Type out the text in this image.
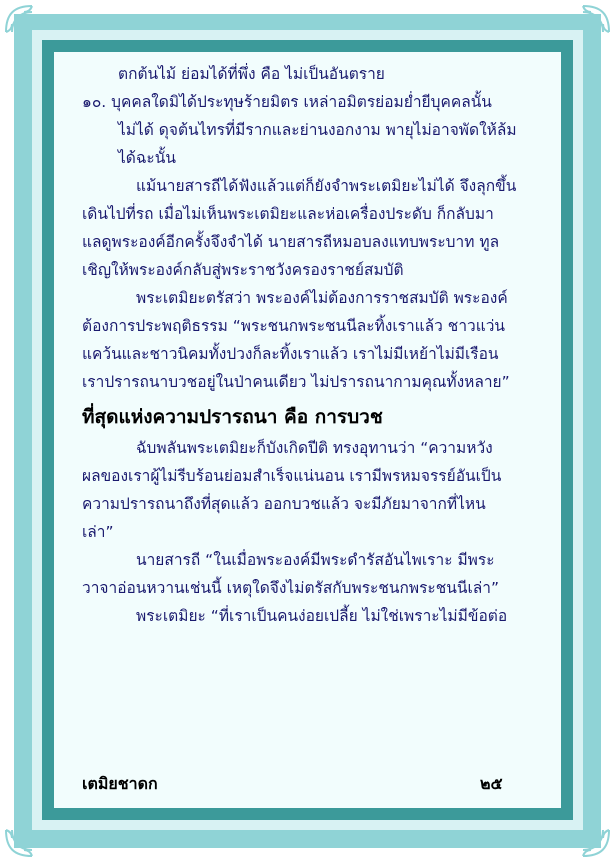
ตกต้นไม้ ย่อมได้ที่พึ่ง คือ ไม่เป็นอันตราย
๑๐. บุคคลใดมิได้ประทุษร้ายมิตร เหล่าอมิตรย่อมย่ำยีบุคคลนั้น
ไม่ได้ ดุจต้นไทรที่มีรากและย่านงอกงาม พายุไม่อาจพัดให้ล้ม
ได้ฉะนั้น
แม้นายสารถีได้ฟังแล้วแต่ก็ยังจำพระเตมิยะไม่ได้ จึงลุกขึ้น
เดินไปที่รถ เมื่อไม่เห็นพระเตมิยะและห่อเครื่องประดับ ก็กลับมา
แลดูพระองค์อีกครั้งจึงจำได้ นายสารถีหมอบลงแทบพระบาท ทูล
เชิญให้พระองค์กลับสู่พระราชวังครองราชย์สมบัติ
พระเตมิยะตรัสว่า พระองค์ไม่ต้องการราชสมบัติ พระองค์
ต้องการประพฤติธรรม “พระชนกพระชนนีละทิ้งเราแล้ว ชาวแว่น
แคว้นและชาวนิคมทั้งปวงก็ละทิ้งเราแล้ว เราไม่มีเหย้าไม่มีเรือน
เราปรารถนาบวชอยู่ในป่าคนเดียว ไม่ปรารถนากามคุณทั้งหลาย”
ที่สุดแห่งความปรารถนา คือ การบวช
ฉับพลันพระเตมิยะก็บังเกิดปีติ ทรงอุทานว่า “ความหวัง
ผลของเราผู้ไม่รีบร้อนย่อมสำเร็จแน่นอน เรามีพรหมจรรย์อันเป็น
ความปรารถนาถึงที่สุดแล้ว ออกบวชแล้ว จะมีภัยมาจากที่ไหน
เล่า”
นายสารถี “ในเมื่อพระองค์มีพระดำรัสอันไพเราะ มีพระ
วาจาอ่อนหวานเช่นนี้ เหตุใดจึงไม่ตรัสกับพระชนกพระชนนีเล่า”
พระเตมิยะ “ที่เราเป็นคนง่อยเปลี้ย ไม่ใช่เพราะไม่มีข้อต่อ
เตมิยชาดก	๒๕
